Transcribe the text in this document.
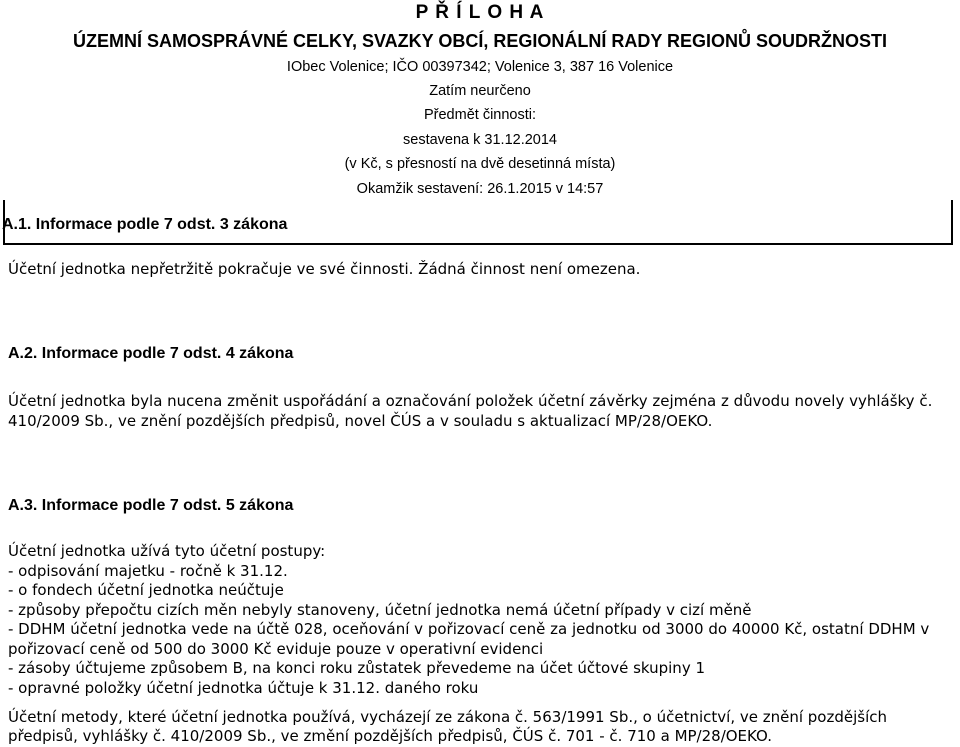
P Ř Í L O H A
ÚZEMNÍ SAMOSPRÁVNÉ CELKY, SVAZKY OBCÍ, REGIONÁLNÍ RADY REGIONŮ SOUDRŽNOSTI
IObec Volenice; IČO 00397342; Volenice 3, 387 16 Volenice
Zatím neurčeno
Předmět činnosti:
sestavena k 31.12.2014
(v Kč, s přesností na dvě desetinná místa)
Okamžik sestavení: 26.1.2015 v 14:57
A.1. Informace podle 7 odst. 3 zákona
Účetní jednotka nepřetržitě pokračuje ve své činnosti. Žádná činnost není omezena.
A.2. Informace podle 7 odst. 4 zákona
Účetní jednotka byla nucena změnit uspořádání a označování položek účetní závěrky zejména z důvodu novely vyhlášky č.
410/2009 Sb., ve znění pozdějších předpisů, novel ČÚS a v souladu s aktualizací MP/28/OEKO.
A.3. Informace podle 7 odst. 5 zákona
Účetní jednotka užívá tyto účetní postupy:
- odpisování majetku - ročně k 31.12.
- o fondech účetní jednotka neúčtuje
- způsoby přepočtu cizích měn nebyly stanoveny, účetní jednotka nemá účetní případy v cizí měně
- DDHM účetní jednotka vede na účtě 028, oceňování v pořizovací ceně za jednotku od 3000 do 40000 Kč, ostatní DDHM v
pořizovací ceně od 500 do 3000 Kč eviduje pouze v operativní evidenci
- zásoby účtujeme způsobem B, na konci roku zůstatek převedeme na účet účtové skupiny 1
- opravné položky účetní jednotka účtuje k 31.12. daného roku
Účetní metody, které účetní jednotka používá, vycházejí ze zákona č. 563/1991 Sb., o účetnictví, ve znění pozdějších
předpisů, vyhlášky č. 410/2009 Sb., ve změní pozdějších předpisů, ČÚS č. 701 - č. 710 a MP/28/OEKO.
